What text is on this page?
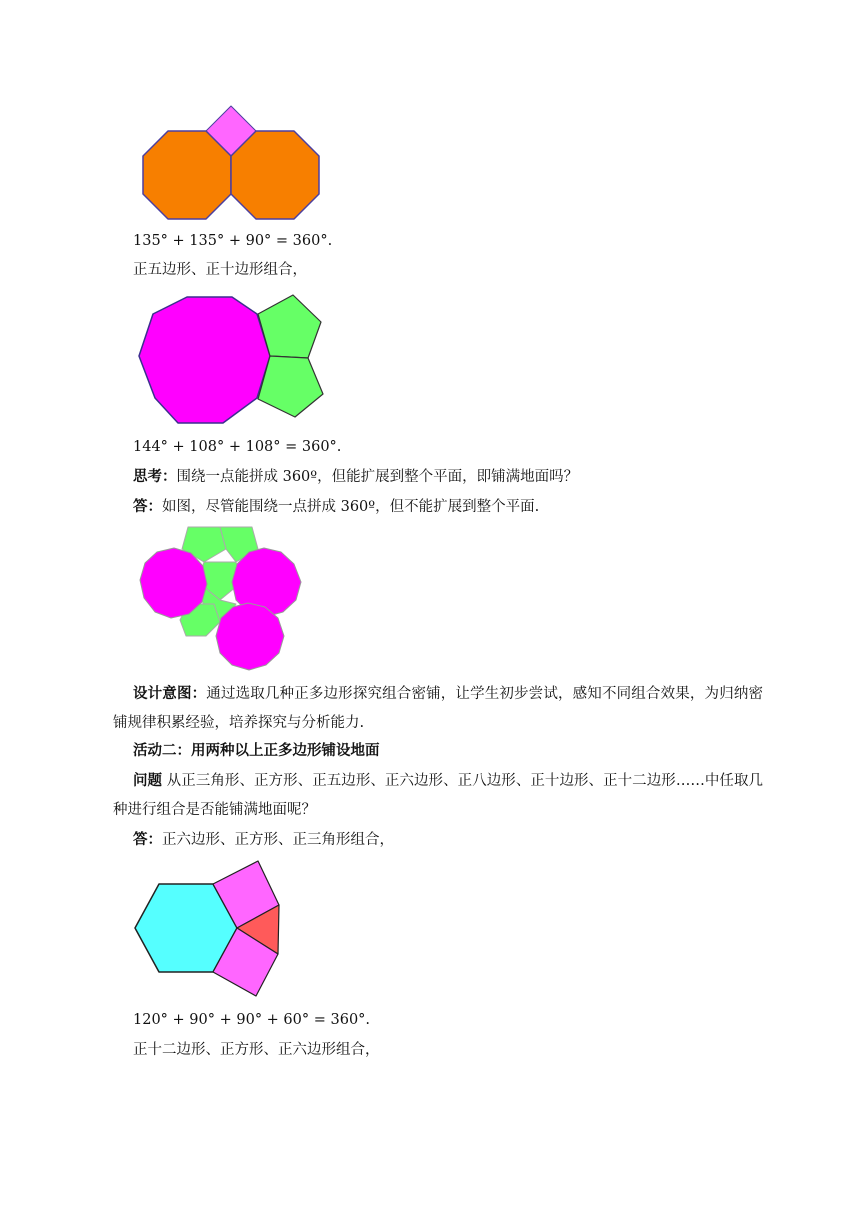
135° + 135° + 90° = 360°.
正五边形、正十边形组合，
144° + 108° + 108° = 360°.
思考：围绕一点能拼成 360º，但能扩展到整个平面，即铺满地面吗？
答：如图，尽管能围绕一点拼成 360º，但不能扩展到整个平面.
设计意图：通过选取几种正多边形探究组合密铺，让学生初步尝试，感知不同组合效果，为归纳密铺规律积累经验，培养探究与分析能力.
活动二：用两种以上正多边形铺设地面
问题 从正三角形、正方形、正五边形、正六边形、正八边形、正十边形、正十二边形……中任取几种进行组合是否能铺满地面呢？
答：正六边形、正方形、正三角形组合，
120° + 90° + 90° + 60° = 360°.
正十二边形、正方形、正六边形组合，
